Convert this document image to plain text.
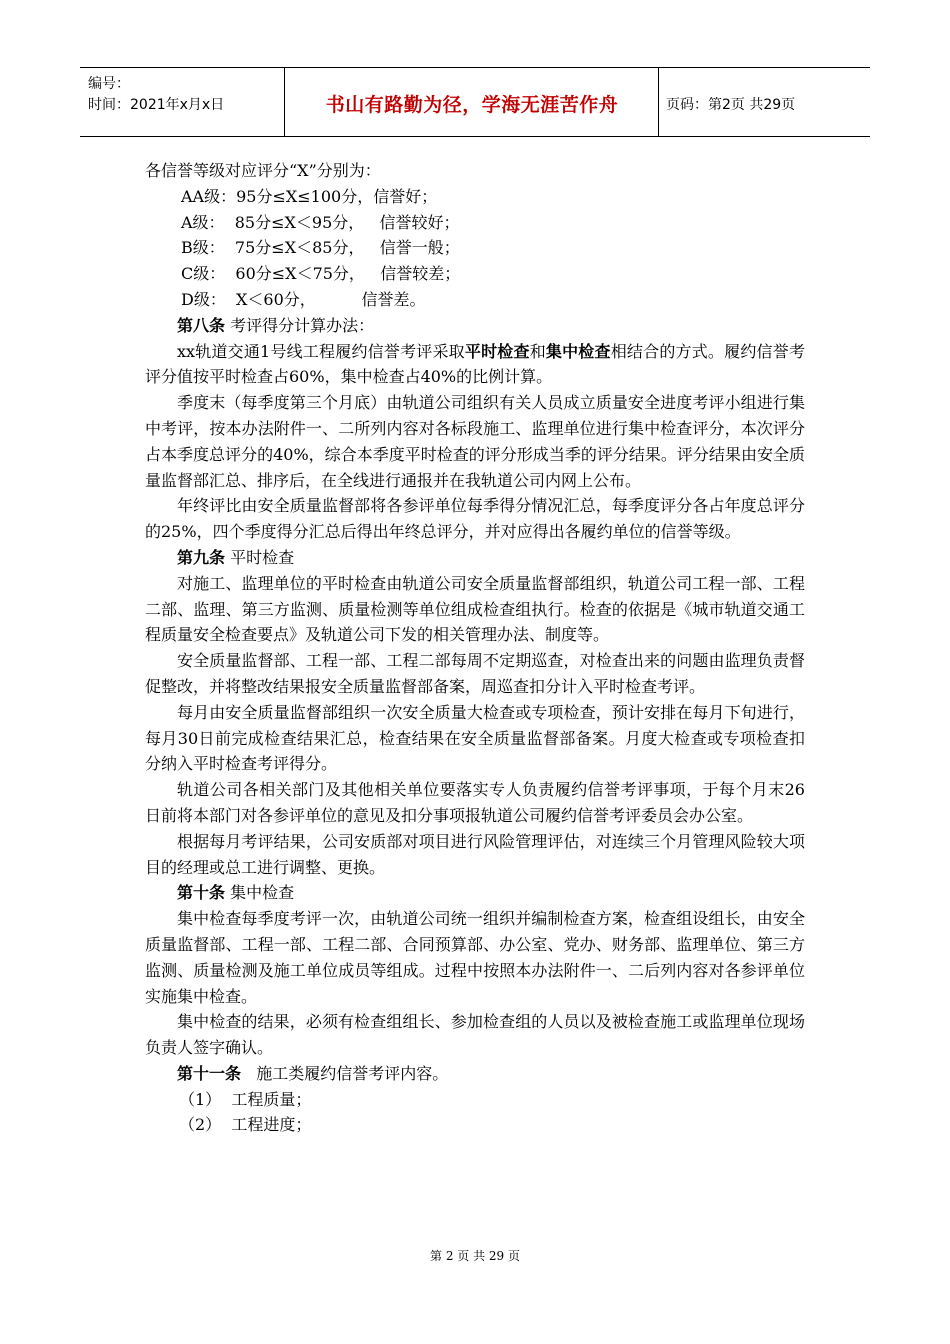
编号：
时间：2021年x月x日	书山有路勤为径，学海无涯苦作舟	页码：第2页 共29页

各信誉等级对应评分“X”分别为：

AA级：95分≤X≤100分，信誉好；

A级：  85分≤X＜95分，   信誉较好；

B级：  75分≤X＜85分，   信誉一般；

C级：  60分≤X＜75分，   信誉较差；

D级：  X＜60分，         信誉差。

第八条 考评得分计算办法：

xx轨道交通1号线工程履约信誉考评采取平时检查和集中检查相结合的方式。履约信誉考评分值按平时检查占60%，集中检查占40%的比例计算。

季度末（每季度第三个月底）由轨道公司组织有关人员成立质量安全进度考评小组进行集中考评，按本办法附件一、二所列内容对各标段施工、监理单位进行集中检查评分，本次评分占本季度总评分的40%，综合本季度平时检查的评分形成当季的评分结果。评分结果由安全质量监督部汇总、排序后，在全线进行通报并在我轨道公司内网上公布。

年终评比由安全质量监督部将各参评单位每季得分情况汇总，每季度评分各占年度总评分的25%，四个季度得分汇总后得出年终总评分，并对应得出各履约单位的信誉等级。

第九条 平时检查

对施工、监理单位的平时检查由轨道公司安全质量监督部组织，轨道公司工程一部、工程二部、监理、第三方监测、质量检测等单位组成检查组执行。检查的依据是《城市轨道交通工程质量安全检查要点》及轨道公司下发的相关管理办法、制度等。

安全质量监督部、工程一部、工程二部每周不定期巡查，对检查出来的问题由监理负责督促整改，并将整改结果报安全质量监督部备案，周巡查扣分计入平时检查考评。

每月由安全质量监督部组织一次安全质量大检查或专项检查，预计安排在每月下旬进行，每月30日前完成检查结果汇总，检查结果在安全质量监督部备案。月度大检查或专项检查扣分纳入平时检查考评得分。

轨道公司各相关部门及其他相关单位要落实专人负责履约信誉考评事项，于每个月末26日前将本部门对各参评单位的意见及扣分事项报轨道公司履约信誉考评委员会办公室。

根据每月考评结果，公司安质部对项目进行风险管理评估，对连续三个月管理风险较大项目的经理或总工进行调整、更换。

第十条 集中检查

集中检查每季度考评一次，由轨道公司统一组织并编制检查方案，检查组设组长，由安全质量监督部、工程一部、工程二部、合同预算部、办公室、党办、财务部、监理单位、第三方监测、质量检测及施工单位成员等组成。过程中按照本办法附件一、二后列内容对各参评单位实施集中检查。

集中检查的结果，必须有检查组组长、参加检查组的人员以及被检查施工或监理单位现场负责人签字确认。

第十一条   施工类履约信誉考评内容。

（1）  工程质量；

（2）  工程进度；

第 2 页 共 29 页
